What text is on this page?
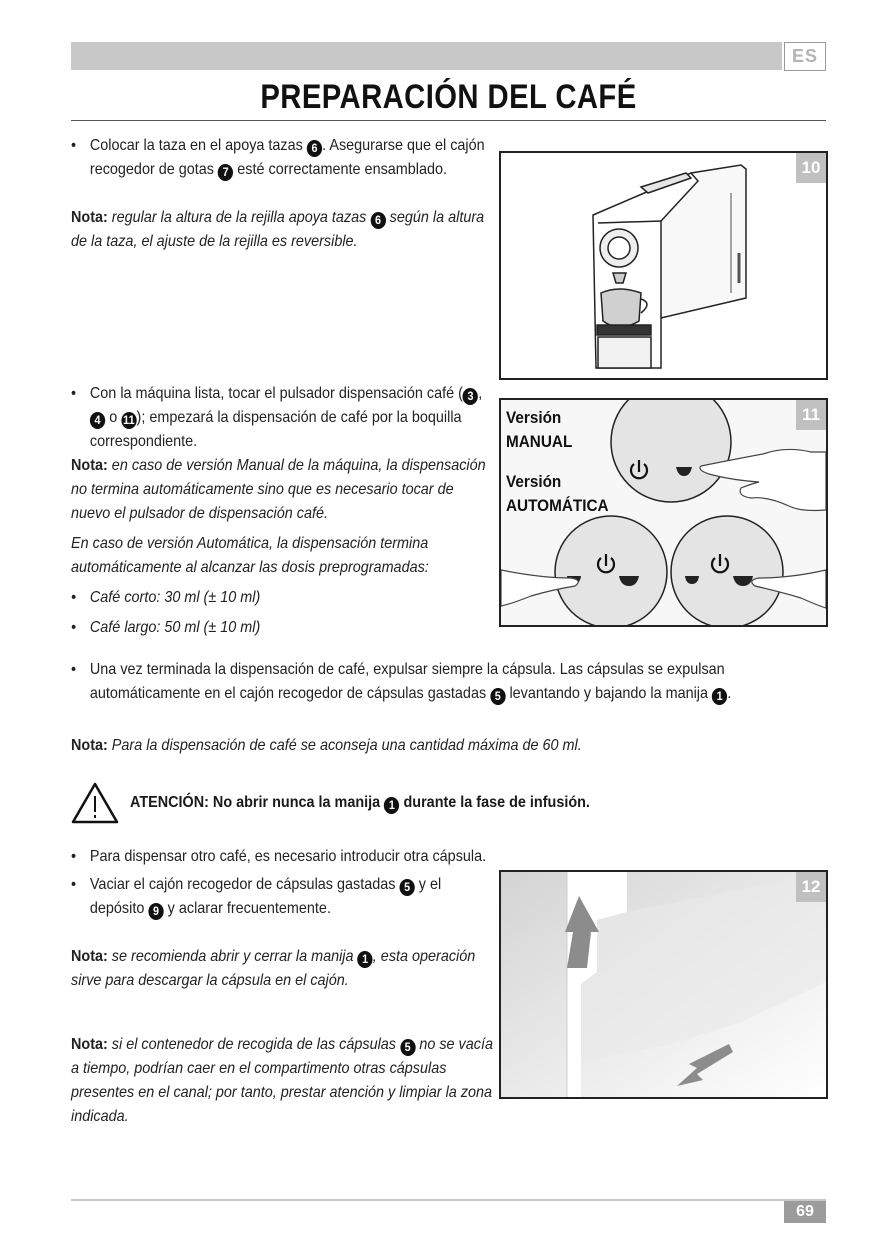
ES
PREPARACIÓN DEL CAFÉ
• Colocar la taza en el apoya tazas 6 . Asegurarse que el cajón recogedor de gotas 7 esté correctamente ensamblado.
Nota: regular la altura de la rejilla apoya tazas 6 según la altura de la taza, el ajuste de la rejilla es reversible.
10
• Con la máquina lista, tocar el pulsador dispensación café ( 3 , 4 o 11 ); empezará la dispensación de café por la boquilla correspondiente.
Nota: en caso de versión Manual de la máquina, la dispensación no termina automáticamente sino que es necesario tocar de nuevo el pulsador de dispensación café.
En caso de versión Automática, la dispensación termina automáticamente al alcanzar las dosis preprogramadas:
• Café corto: 30 ml (± 10 ml)
• Café largo: 50 ml (± 10 ml)
11
Versión
MANUAL
Versión
AUTOMÁTICA
• Una vez terminada la dispensación de café, expulsar siempre la cápsula. Las cápsulas se expulsan automáticamente en el cajón recogedor de cápsulas gastadas 5 levantando y bajando la manija 1 .
Nota: Para la dispensación de café se aconseja una cantidad máxima de 60 ml.
ATENCIÓN: No abrir nunca la manija 1 durante la fase de infusión.
• Para dispensar otro café, es necesario introducir otra cápsula.
• Vaciar el cajón recogedor de cápsulas gastadas 5 y el depósito 9 y aclarar frecuentemente.
Nota: se recomienda abrir y cerrar la manija 1 , esta operación sirve para descargar la cápsula en el cajón.
Nota: si el contenedor de recogida de las cápsulas 5 no se vacía a tiempo, podrían caer en el compartimento otras cápsulas presentes en el canal; por tanto, prestar atención y limpiar la zona indicada.
12
69
